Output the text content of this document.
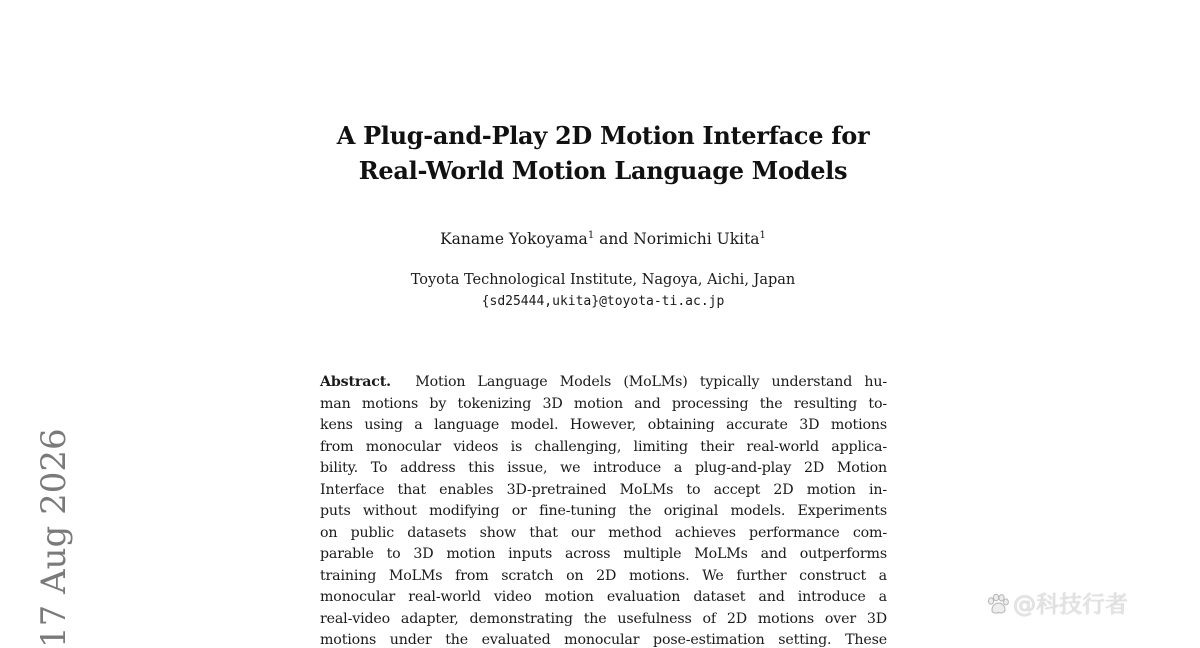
17 Aug 2026
A Plug-and-Play 2D Motion Interface for
Real-World Motion Language Models
Kaname Yokoyama$^1$ and Norimichi Ukita$^1$
Toyota Technological Institute, Nagoya, Aichi, Japan
{sd25444,ukita}@toyota-ti.ac.jp
Abstract. Motion Language Models (MoLMs) typically understand hu-
man motions by tokenizing 3D motion and processing the resulting to-
kens using a language model. However, obtaining accurate 3D motions
from monocular videos is challenging, limiting their real-world applica-
bility. To address this issue, we introduce a plug-and-play 2D Motion
Interface that enables 3D-pretrained MoLMs to accept 2D motion in-
puts without modifying or fine-tuning the original models. Experiments
on public datasets show that our method achieves performance com-
parable to 3D motion inputs across multiple MoLMs and outperforms
training MoLMs from scratch on 2D motions. We further construct a
monocular real-world video motion evaluation dataset and introduce a
real-video adapter, demonstrating the usefulness of 2D motions over 3D
motions under the evaluated monocular pose-estimation setting. These
@科技行者
